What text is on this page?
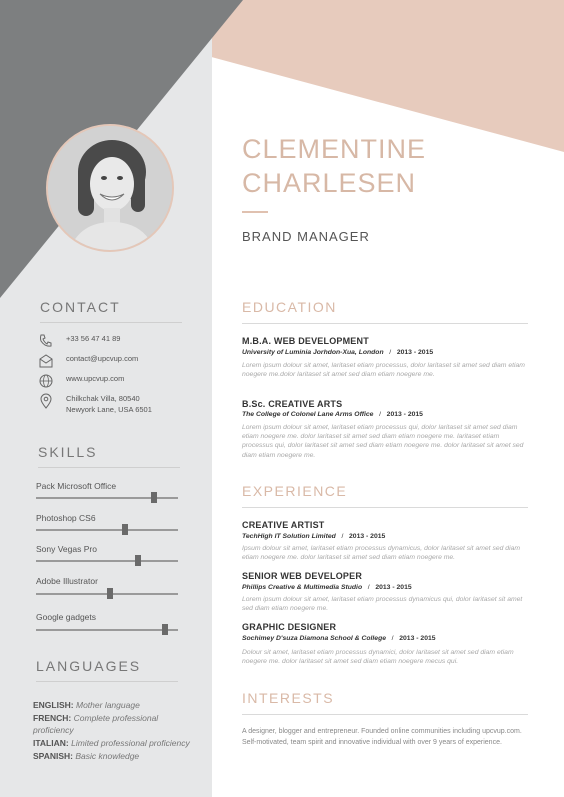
CLEMENTINE
CHARLESEN
BRAND MANAGER
CONTACT
+33 56 47 41 89
contact@upcvup.com
www.upcvup.com
Chilkchak Villa, 80540
Newyork Lane, USA 6501
SKILLS
Pack Microsoft Office
Photoshop CS6
Sony Vegas Pro
Adobe Illustrator
Google gadgets
LANGUAGES
ENGLISH: Mother language
FRENCH: Complete professional proficiency
ITALIAN: Limited professional proficiency
SPANISH: Basic knowledge
EDUCATION
M.B.A. WEB DEVELOPMENT
University of Luminia Jorhdon-Xua, London   /   2013 - 2015
Lorem ipsum dolour sit amet, laritaset etiam processus, dolor laritaset sit amet sed diam etiam noegere me.dolor laritaset sit amet sed diam etiam noegere me.
B.Sc. CREATIVE ARTS
The College of Colonel Lane Arms Office   /   2013 - 2015
Lorem ipsum dolour sit amet, laritaset etiam processus qui, dolor laritaset sit amet sed diam etiam noegere me. dolor laritaset sit amet sed diam etiam noegere me. laritaset etiam processus qui, dolor laritaset sit amet sed diam etiam noegere me. dolor laritaset sit amet sed diam etiam noegere me.
EXPERIENCE
CREATIVE ARTIST
TechHigh IT Solution Limited   /   2013 - 2015
Ipsum dolour sit amet, laritaset etiam processus dynamicus, dolor laritaset sit amet sed diam etiam noegere me. dolor laritaset sit amet sed diam etiam noegere me.
SENIOR WEB DEVELOPER
Phillips Creative & Multimedia Studio   /   2013 - 2015
Lorem ipsum dolour sit amet, laritaset etiam processus dynamicus qui, dolor laritaset sit amet sed diam etiam noegere me.
GRAPHIC DESIGNER
Sochimey D'suza Diamona School & College   /   2013 - 2015
Dolour sit amet, laritaset etiam processus dynamici, dolor laritaset sit amet sed diam etiam noegere me. dolor laritaset sit amet sed diam etiam noegere mecus qui.
INTERESTS
A designer, blogger and entrepreneur. Founded online communities including upcvup.com. Self-motivated, team spirit and innovative individual with over 9 years of experience.
